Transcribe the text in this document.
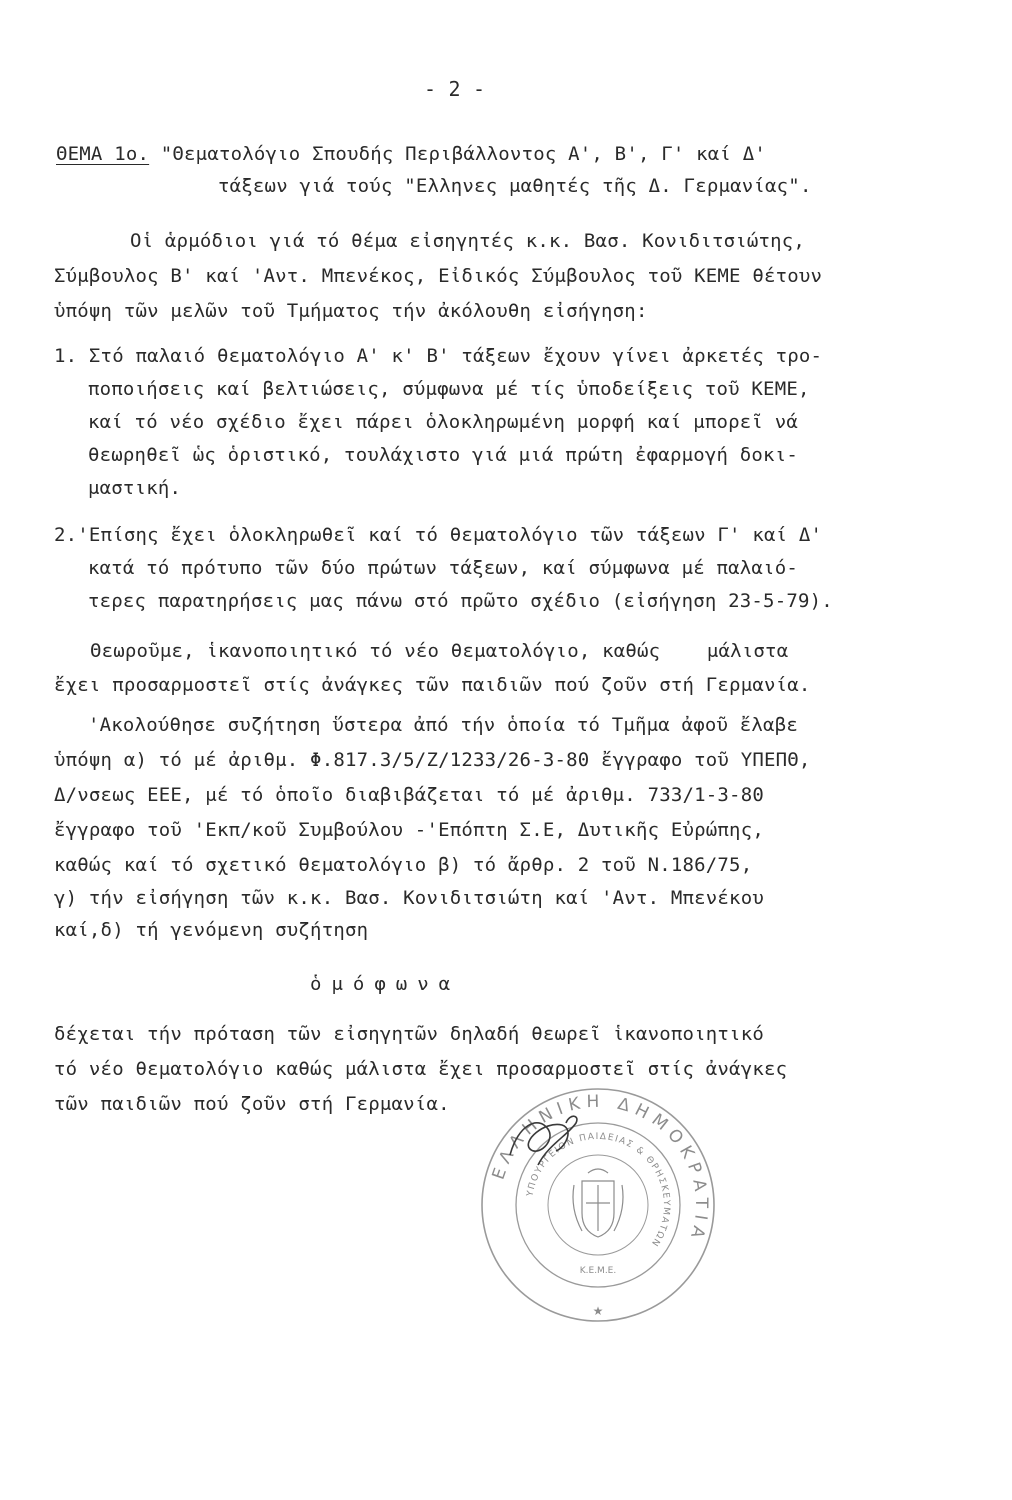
- 2 -
ΘΕΜΑ 1ο. "Θεματολόγιο Σπουδής Περιβάλλοντος Α', Β', Γ' καί Δ'
τάξεων γιά τούς "Ελληνες μαθητές τῆς Δ. Γερμανίας".
Οἱ ἁρμόδιοι γιά τό θέμα εἰσηγητές κ.κ. Βασ. Κονιδιτσιώτης,
Σύμβουλος Β' καί 'Αντ. Μπενέκος, Εἰδικός Σύμβουλος τοῦ ΚΕΜΕ θέτουν
ὑπόψη τῶν μελῶν τοῦ Τμήματος τήν ἀκόλουθη εἰσήγηση:
1. Στό παλαιό θεματολόγιο Α' κ' Β' τάξεων ἔχουν γίνει ἀρκετές τρο-
ποποιήσεις καί βελτιώσεις, σύμφωνα μέ τίς ὑποδείξεις τοῦ ΚΕΜΕ,
καί τό νέο σχέδιο ἔχει πάρει ὁλοκληρωμένη μορφή καί μπορεῖ νά
θεωρηθεῖ ὡς ὁριστικό, τουλάχιστο γιά μιά πρώτη ἐφαρμογή δοκι-
μαστική.
2.'Επίσης ἔχει ὁλοκληρωθεῖ καί τό θεματολόγιο τῶν τάξεων Γ' καί Δ'
κατά τό πρότυπο τῶν δύο πρώτων τάξεων, καί σύμφωνα μέ παλαιό-
τερες παρατηρήσεις μας πάνω στό πρῶτο σχέδιο (εἰσήγηση 23-5-79).
Θεωροῦμε, ἱκανοποιητικό τό νέο θεματολόγιο, καθώς    μάλιστα
ἔχει προσαρμοστεῖ στίς ἀνάγκες τῶν παιδιῶν πού ζοῦν στή Γερμανία.
'Ακολούθησε συζήτηση ὕστερα ἀπό τήν ὁποία τό Τμῆμα ἀφοῦ ἔλαβε
ὑπόψη α) τό μέ ἀριθμ. Φ.817.3/5/Ζ/1233/26-3-80 ἔγγραφο τοῦ ΥΠΕΠΘ,
Δ/νσεως ΕΕΕ, μέ τό ὁποῖο διαβιβάζεται τό μέ ἀριθμ. 733/1-3-80
ἔγγραφο τοῦ 'Εκπ/κοῦ Συμβούλου -'Επόπτη Σ.Ε, Δυτικῆς Εὐρώπης,
καθώς καί τό σχετικό θεματολόγιο β) τό ἄρθρ. 2 τοῦ Ν.186/75,
γ) τήν εἰσήγηση τῶν κ.κ. Βασ. Κονιδιτσιώτη καί 'Αντ. Μπενέκου
καί,δ) τή γενόμενη συζήτηση
ὁμόφωνα
δέχεται τήν πρόταση τῶν εἰσηγητῶν δηλαδή θεωρεῖ ἱκανοποιητικό
τό νέο θεματολόγιο καθώς μάλιστα ἔχει προσαρμοστεῖ στίς ἀνάγκες
τῶν παιδιῶν πού ζοῦν στή Γερμανία.
ΕΛΛΗΝΙΚΗ ΔΗΜΟΚΡΑΤΙΑ
ΥΠΟΥΡΓΕΙΟΝ ΠΑΙΔΕΙΑΣ & ΘΡΗΣΚΕΥΜΑΤΩΝ
Κ.Ε.Μ.Ε.
★
